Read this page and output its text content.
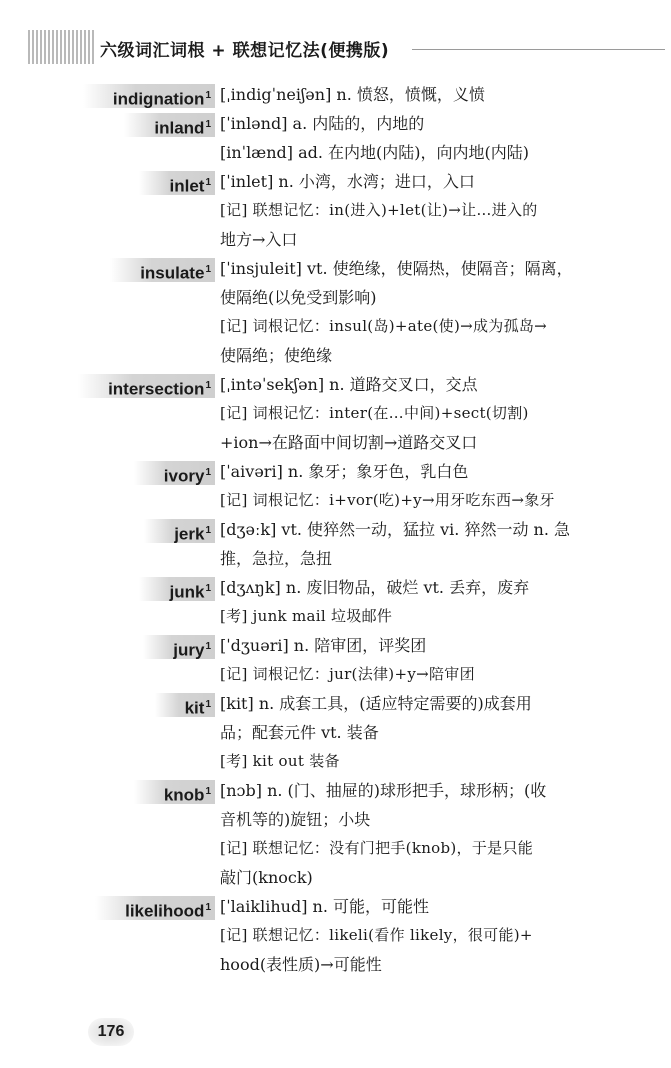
六级词汇词根 + 联想记忆法(便携版)
indignation$^1$ [ˌindigˈneiʃən] n. 愤怒，愤慨，义愤
inland$^1$ [ˈinlənd] a. 内陆的，内地的
[inˈlænd] ad. 在内地(内陆)，向内地(内陆)
inlet$^1$ [ˈinlet] n. 小湾，水湾；进口，入口
[记] 联想记忆：in(进入)+let(让)→让…进入的
地方→入口
insulate$^1$ [ˈinsjuleit] vt. 使绝缘，使隔热，使隔音；隔离，
使隔绝(以免受到影响)
[记] 词根记忆：insul(岛)+ate(使)→成为孤岛→
使隔绝；使绝缘
intersection$^1$ [ˌintəˈsekʃən] n. 道路交叉口，交点
[记] 词根记忆：inter(在…中间)+sect(切割)
+ion→在路面中间切割→道路交叉口
ivory$^1$ [ˈaivəri] n. 象牙；象牙色，乳白色
[记] 词根记忆：i+vor(吃)+y→用牙吃东西→象牙
jerk$^1$ [dʒəːk] vt. 使猝然一动，猛拉 vi. 猝然一动 n. 急
推，急拉，急扭
junk$^1$ [dʒʌŋk] n. 废旧物品，破烂 vt. 丢弃，废弃
[考] junk mail 垃圾邮件
jury$^1$ [ˈdʒuəri] n. 陪审团，评奖团
[记] 词根记忆：jur(法律)+y→陪审团
kit$^1$ [kit] n. 成套工具，(适应特定需要的)成套用
品；配套元件 vt. 装备
[考] kit out 装备
knob$^1$ [nɔb] n. (门、抽屉的)球形把手，球形柄；(收
音机等的)旋钮；小块
[记] 联想记忆：没有门把手(knob)，于是只能
敲门(knock)
likelihood$^1$ [ˈlaiklihud] n. 可能，可能性
[记] 联想记忆：likeli(看作 likely，很可能)+
hood(表性质)→可能性
176
